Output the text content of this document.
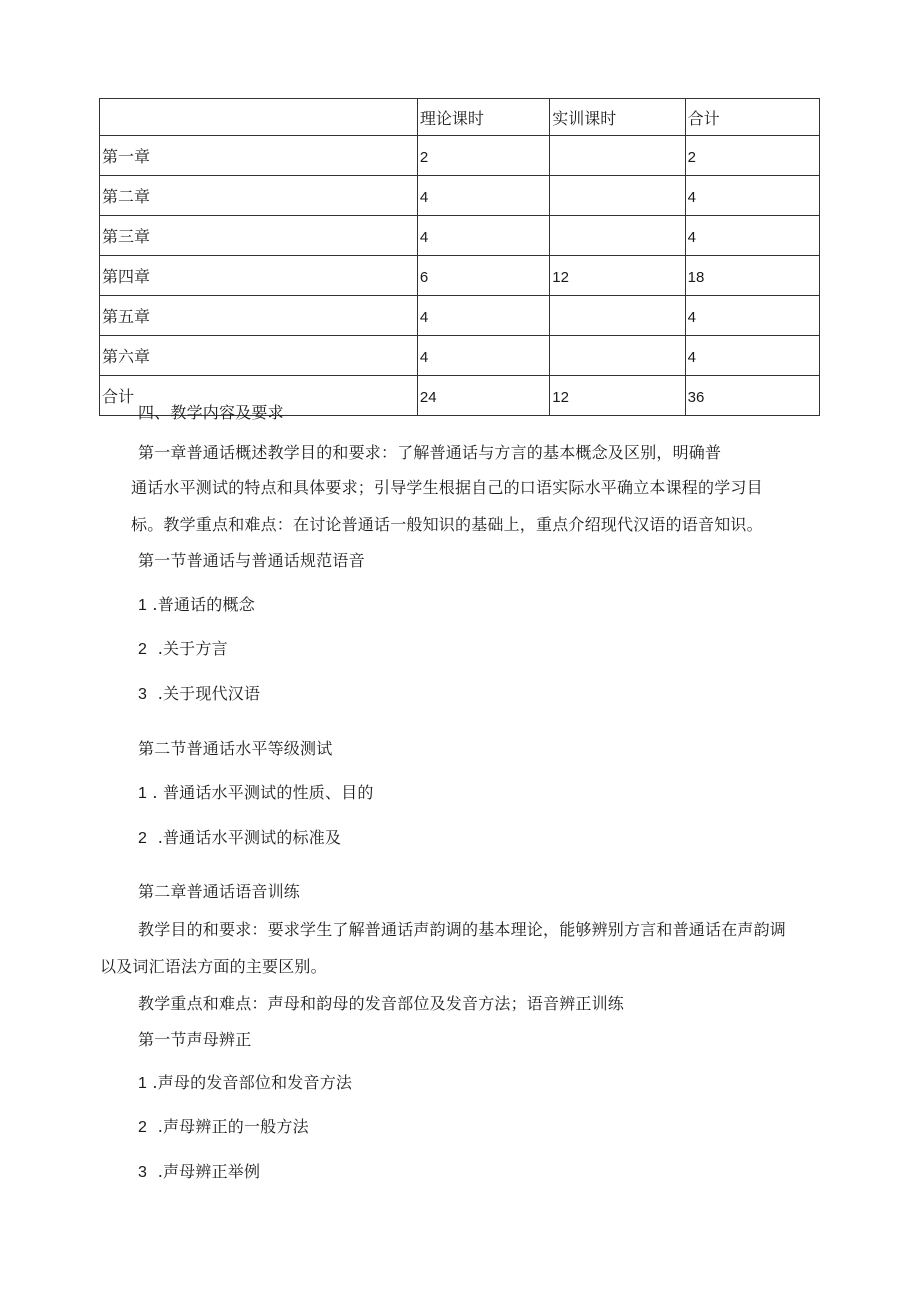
	理论课时	实训课时	合计
第一章	2		2
第二章	4		4
第三章	4		4
第四章	6	12	18
第五章	4		4
第六章	4		4
合计	24	12	36
四、教学内容及要求
第一章普通话概述教学目的和要求：了解普通话与方言的基本概念及区别，明确普
通话水平测试的特点和具体要求；引导学生根据自己的口语实际水平确立本课程的学习目
标。教学重点和难点：在讨论普通话一般知识的基础上，重点介绍现代汉语的语音知识。
第一节普通话与普通话规范语音
1 .普通话的概念
2 .关于方言
3 .关于现代汉语
第二节普通话水平等级测试
1 . 普通话水平测试的性质、目的
2 .普通话水平测试的标准及
第二章普通话语音训练
教学目的和要求：要求学生了解普通话声韵调的基本理论，能够辨别方言和普通话在声韵调
以及词汇语法方面的主要区别。
教学重点和难点：声母和韵母的发音部位及发音方法；语音辨正训练
第一节声母辨正
1 .声母的发音部位和发音方法
2 .声母辨正的一般方法
3 .声母辨正举例
